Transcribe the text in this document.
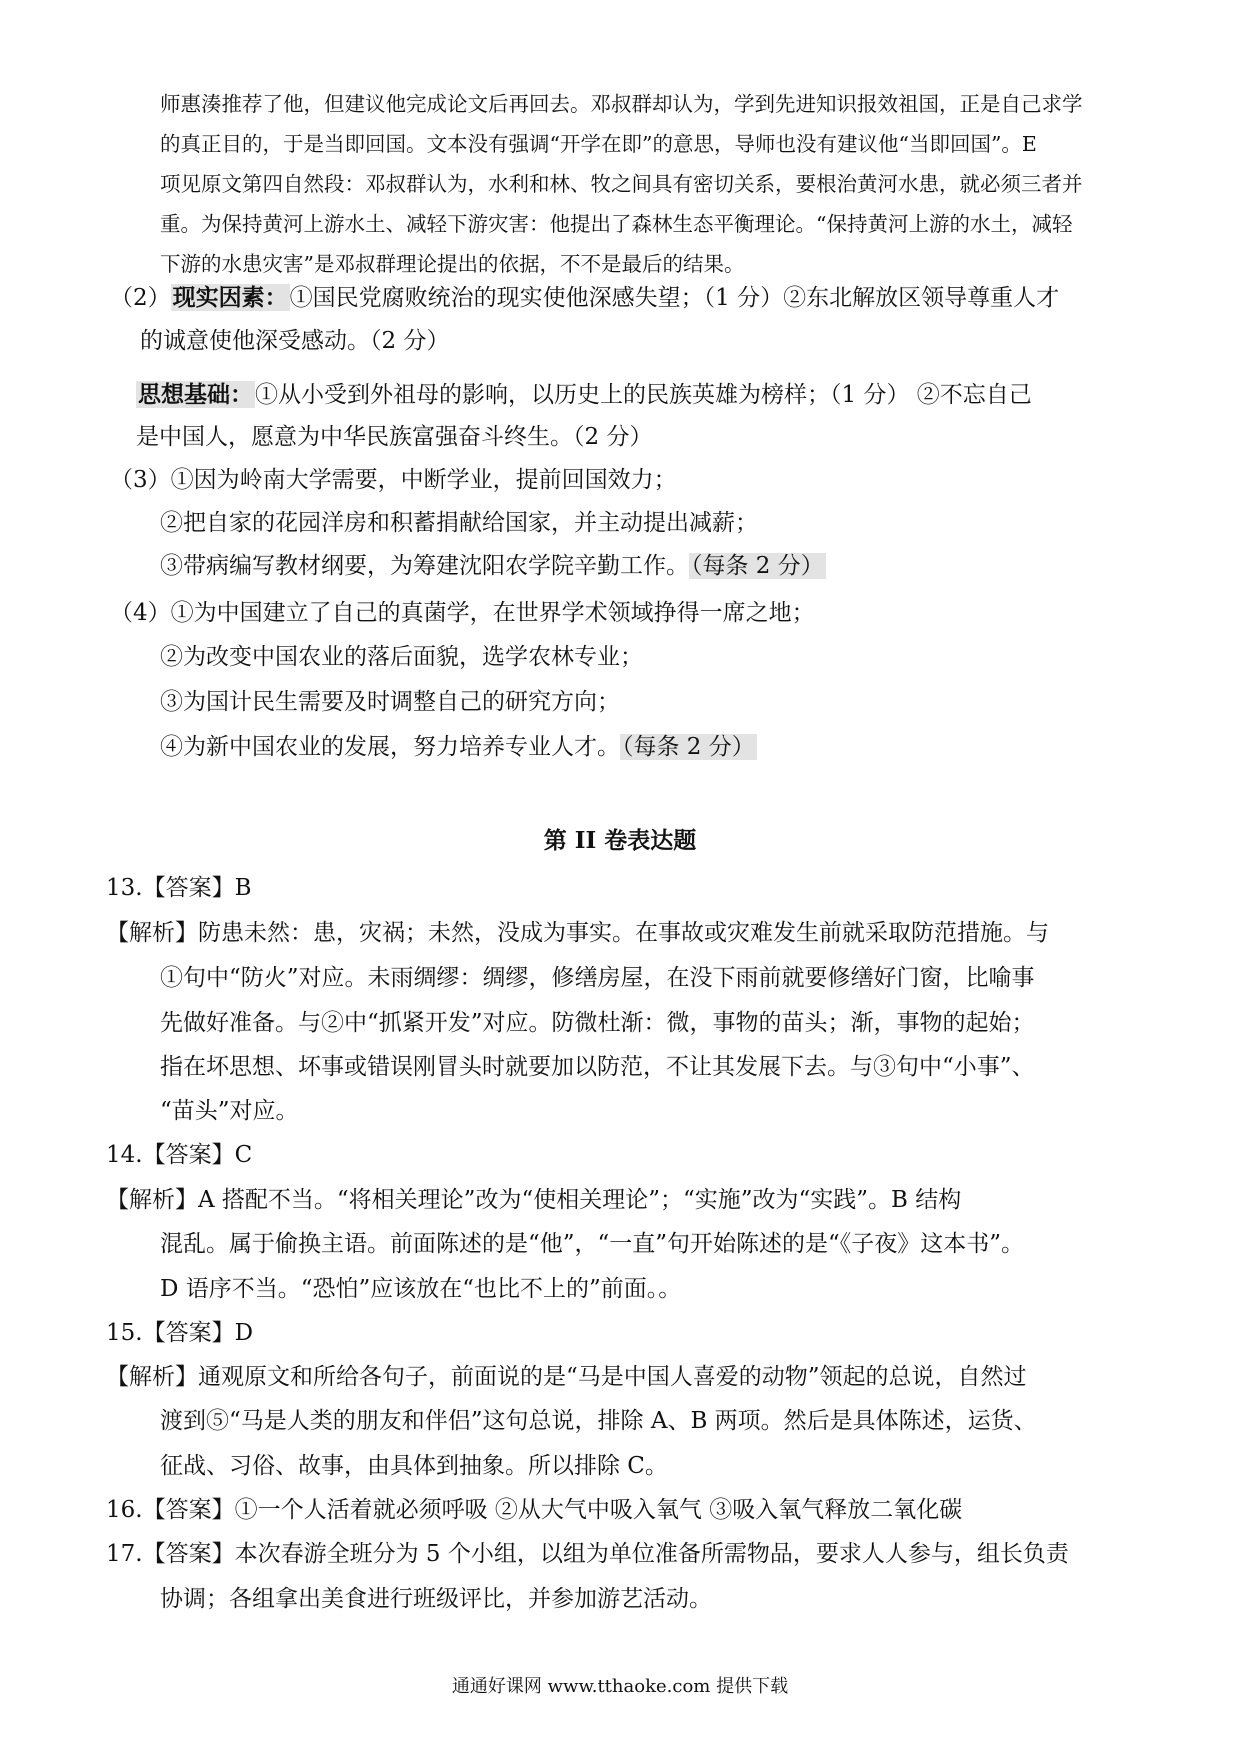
师惠湊推荐了他，但建议他完成论文后再回去。邓叔群却认为，学到先进知识报效祖国，正是自己求学

的真正目的，于是当即回国。文本没有强调“开学在即”的意思，导师也没有建议他“当即回国”。E

项见原文第四自然段：邓叔群认为，水利和林、牧之间具有密切关系，要根治黄河水患，就必须三者并

重。为保持黄河上游水土、减轻下游灾害：他提出了森林生态平衡理论。“保持黄河上游的水土，减轻

下游的水患灾害”是邓叔群理论提出的依据，不不是最后的结果。

（2）现实因素：①国民党腐败统治的现实使他深感失望；（1 分）②东北解放区领导尊重人才
的诚意使他深受感动。（2 分）
思想基础：①从小受到外祖母的影响，以历史上的民族英雄为榜样；（1 分） ②不忘自己
是中国人，愿意为中华民族富强奋斗终生。（2 分）
（3）①因为岭南大学需要，中断学业，提前回国效力；
②把自家的花园洋房和积蓄捐献给国家，并主动提出减薪；
③带病编写教材纲要，为筹建沈阳农学院辛勤工作。（每条 2 分）
（4）①为中国建立了自己的真菌学，在世界学术领域挣得一席之地；
②为改变中国农业的落后面貌，选学农林专业；
③为国计民生需要及时调整自己的研究方向；
④为新中国农业的发展，努力培养专业人才。（每条 2 分）
第 II 卷表达题
13.【答案】B
【解析】防患未然：患，灾祸；未然，没成为事实。在事故或灾难发生前就采取防范措施。与
①句中“防火”对应。未雨绸缪：绸缪，修缮房屋，在没下雨前就要修缮好门窗，比喻事
先做好准备。与②中“抓紧开发”对应。防微杜渐：微，事物的苗头；渐，事物的起始；
指在坏思想、坏事或错误刚冒头时就要加以防范，不让其发展下去。与③句中“小事”、
“苗头”对应。
14.【答案】C
【解析】A 搭配不当。“将相关理论”改为“使相关理论”；“实施”改为“实践”。B 结构
混乱。属于偷换主语。前面陈述的是“他”，“一直”句开始陈述的是“《子夜》这本书”。
D 语序不当。“恐怕”应该放在“也比不上的”前面。。
15.【答案】D
【解析】通观原文和所给各句子，前面说的是“马是中国人喜爱的动物”领起的总说，自然过
渡到⑤“马是人类的朋友和伴侣”这句总说，排除 A、B 两项。然后是具体陈述，运货、
征战、习俗、故事，由具体到抽象。所以排除 C。
16.【答案】①一个人活着就必须呼吸 ②从大气中吸入氧气 ③吸入氧气释放二氧化碳
17.【答案】本次春游全班分为 5 个小组，以组为单位准备所需物品，要求人人参与，组长负责
协调；各组拿出美食进行班级评比，并参加游艺活动。
通通好课网 www.tthaoke.com 提供下载
